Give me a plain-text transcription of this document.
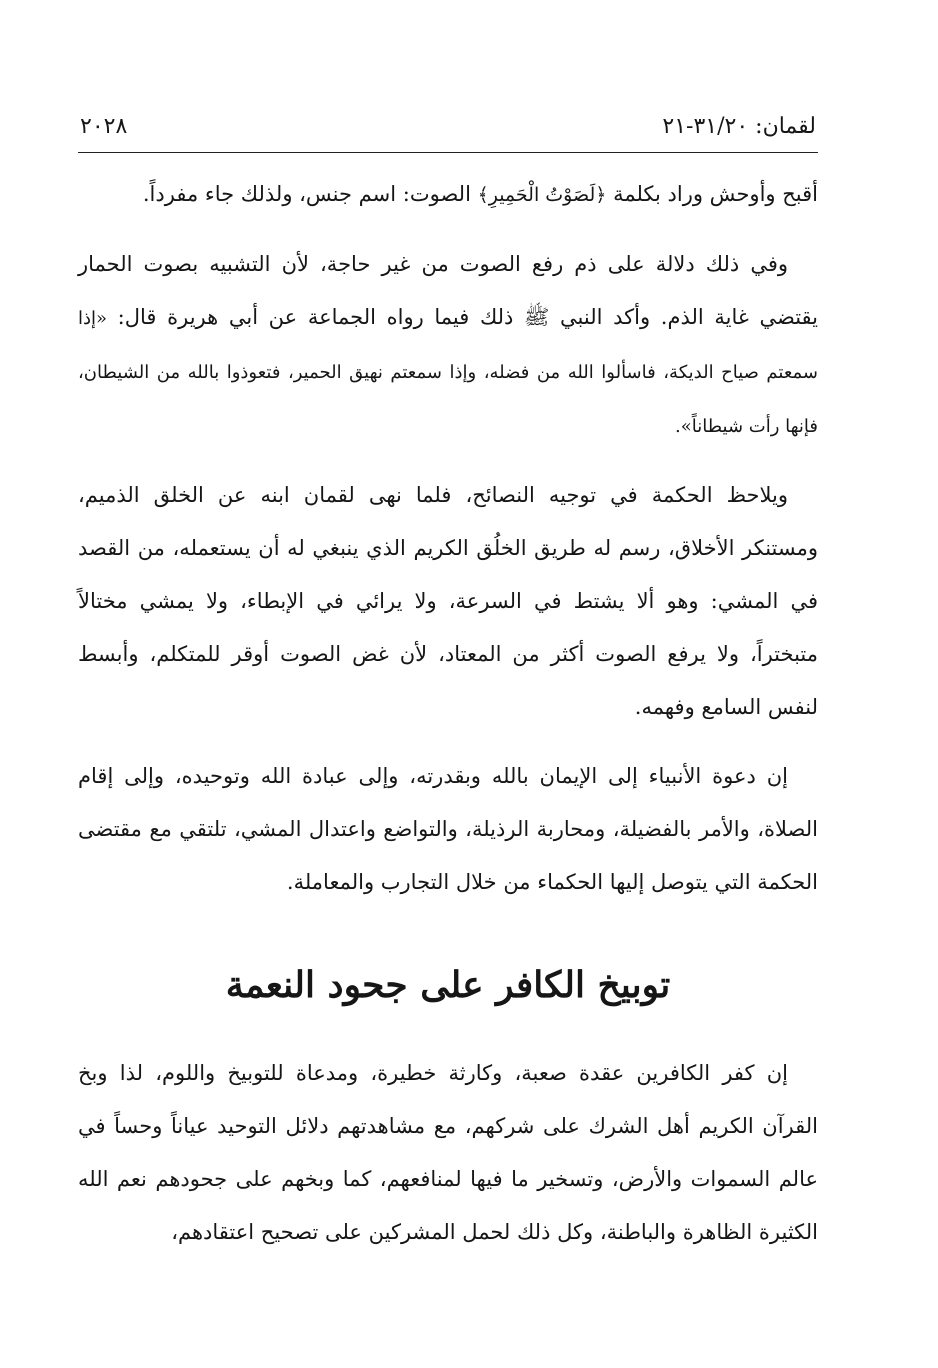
لقمان: ٣١/٢٠-٢١
٢٠٢٨

أقبح وأوحش وراد بكلمة ﴿لَصَوْتُ الْحَمِيرِ﴾ الصوت: اسم جنس، ولذلك جاء مفرداً.

وفي ذلك دلالة على ذم رفع الصوت من غير حاجة، لأن التشبيه بصوت الحمار يقتضي غاية الذم. وأكد النبي ﷺ ذلك فيما رواه الجماعة عن أبي هريرة قال: «إذا سمعتم صياح الديكة، فاسألوا الله من فضله، وإذا سمعتم نهيق الحمير، فتعوذوا بالله من الشيطان، فإنها رأت شيطاناً».

ويلاحظ الحكمة في توجيه النصائح، فلما نهى لقمان ابنه عن الخلق الذميم، ومستنكر الأخلاق، رسم له طريق الخلُق الكريم الذي ينبغي له أن يستعمله، من القصد في المشي: وهو ألا يشتط في السرعة، ولا يرائي في الإبطاء، ولا يمشي مختالاً متبختراً، ولا يرفع الصوت أكثر من المعتاد، لأن غض الصوت أوقر للمتكلم، وأبسط لنفس السامع وفهمه.

إن دعوة الأنبياء إلى الإيمان بالله وبقدرته، وإلى عبادة الله وتوحيده، وإلى إقام الصلاة، والأمر بالفضيلة، ومحاربة الرذيلة، والتواضع واعتدال المشي، تلتقي مع مقتضى الحكمة التي يتوصل إليها الحكماء من خلال التجارب والمعاملة.

توبيخ الكافر على جحود النعمة

إن كفر الكافرين عقدة صعبة، وكارثة خطيرة، ومدعاة للتوبيخ واللوم، لذا وبخ القرآن الكريم أهل الشرك على شركهم، مع مشاهدتهم دلائل التوحيد عياناً وحساً في عالم السموات والأرض، وتسخير ما فيها لمنافعهم، كما وبخهم على جحودهم نعم الله الكثيرة الظاهرة والباطنة، وكل ذلك لحمل المشركين على تصحيح اعتقادهم،
